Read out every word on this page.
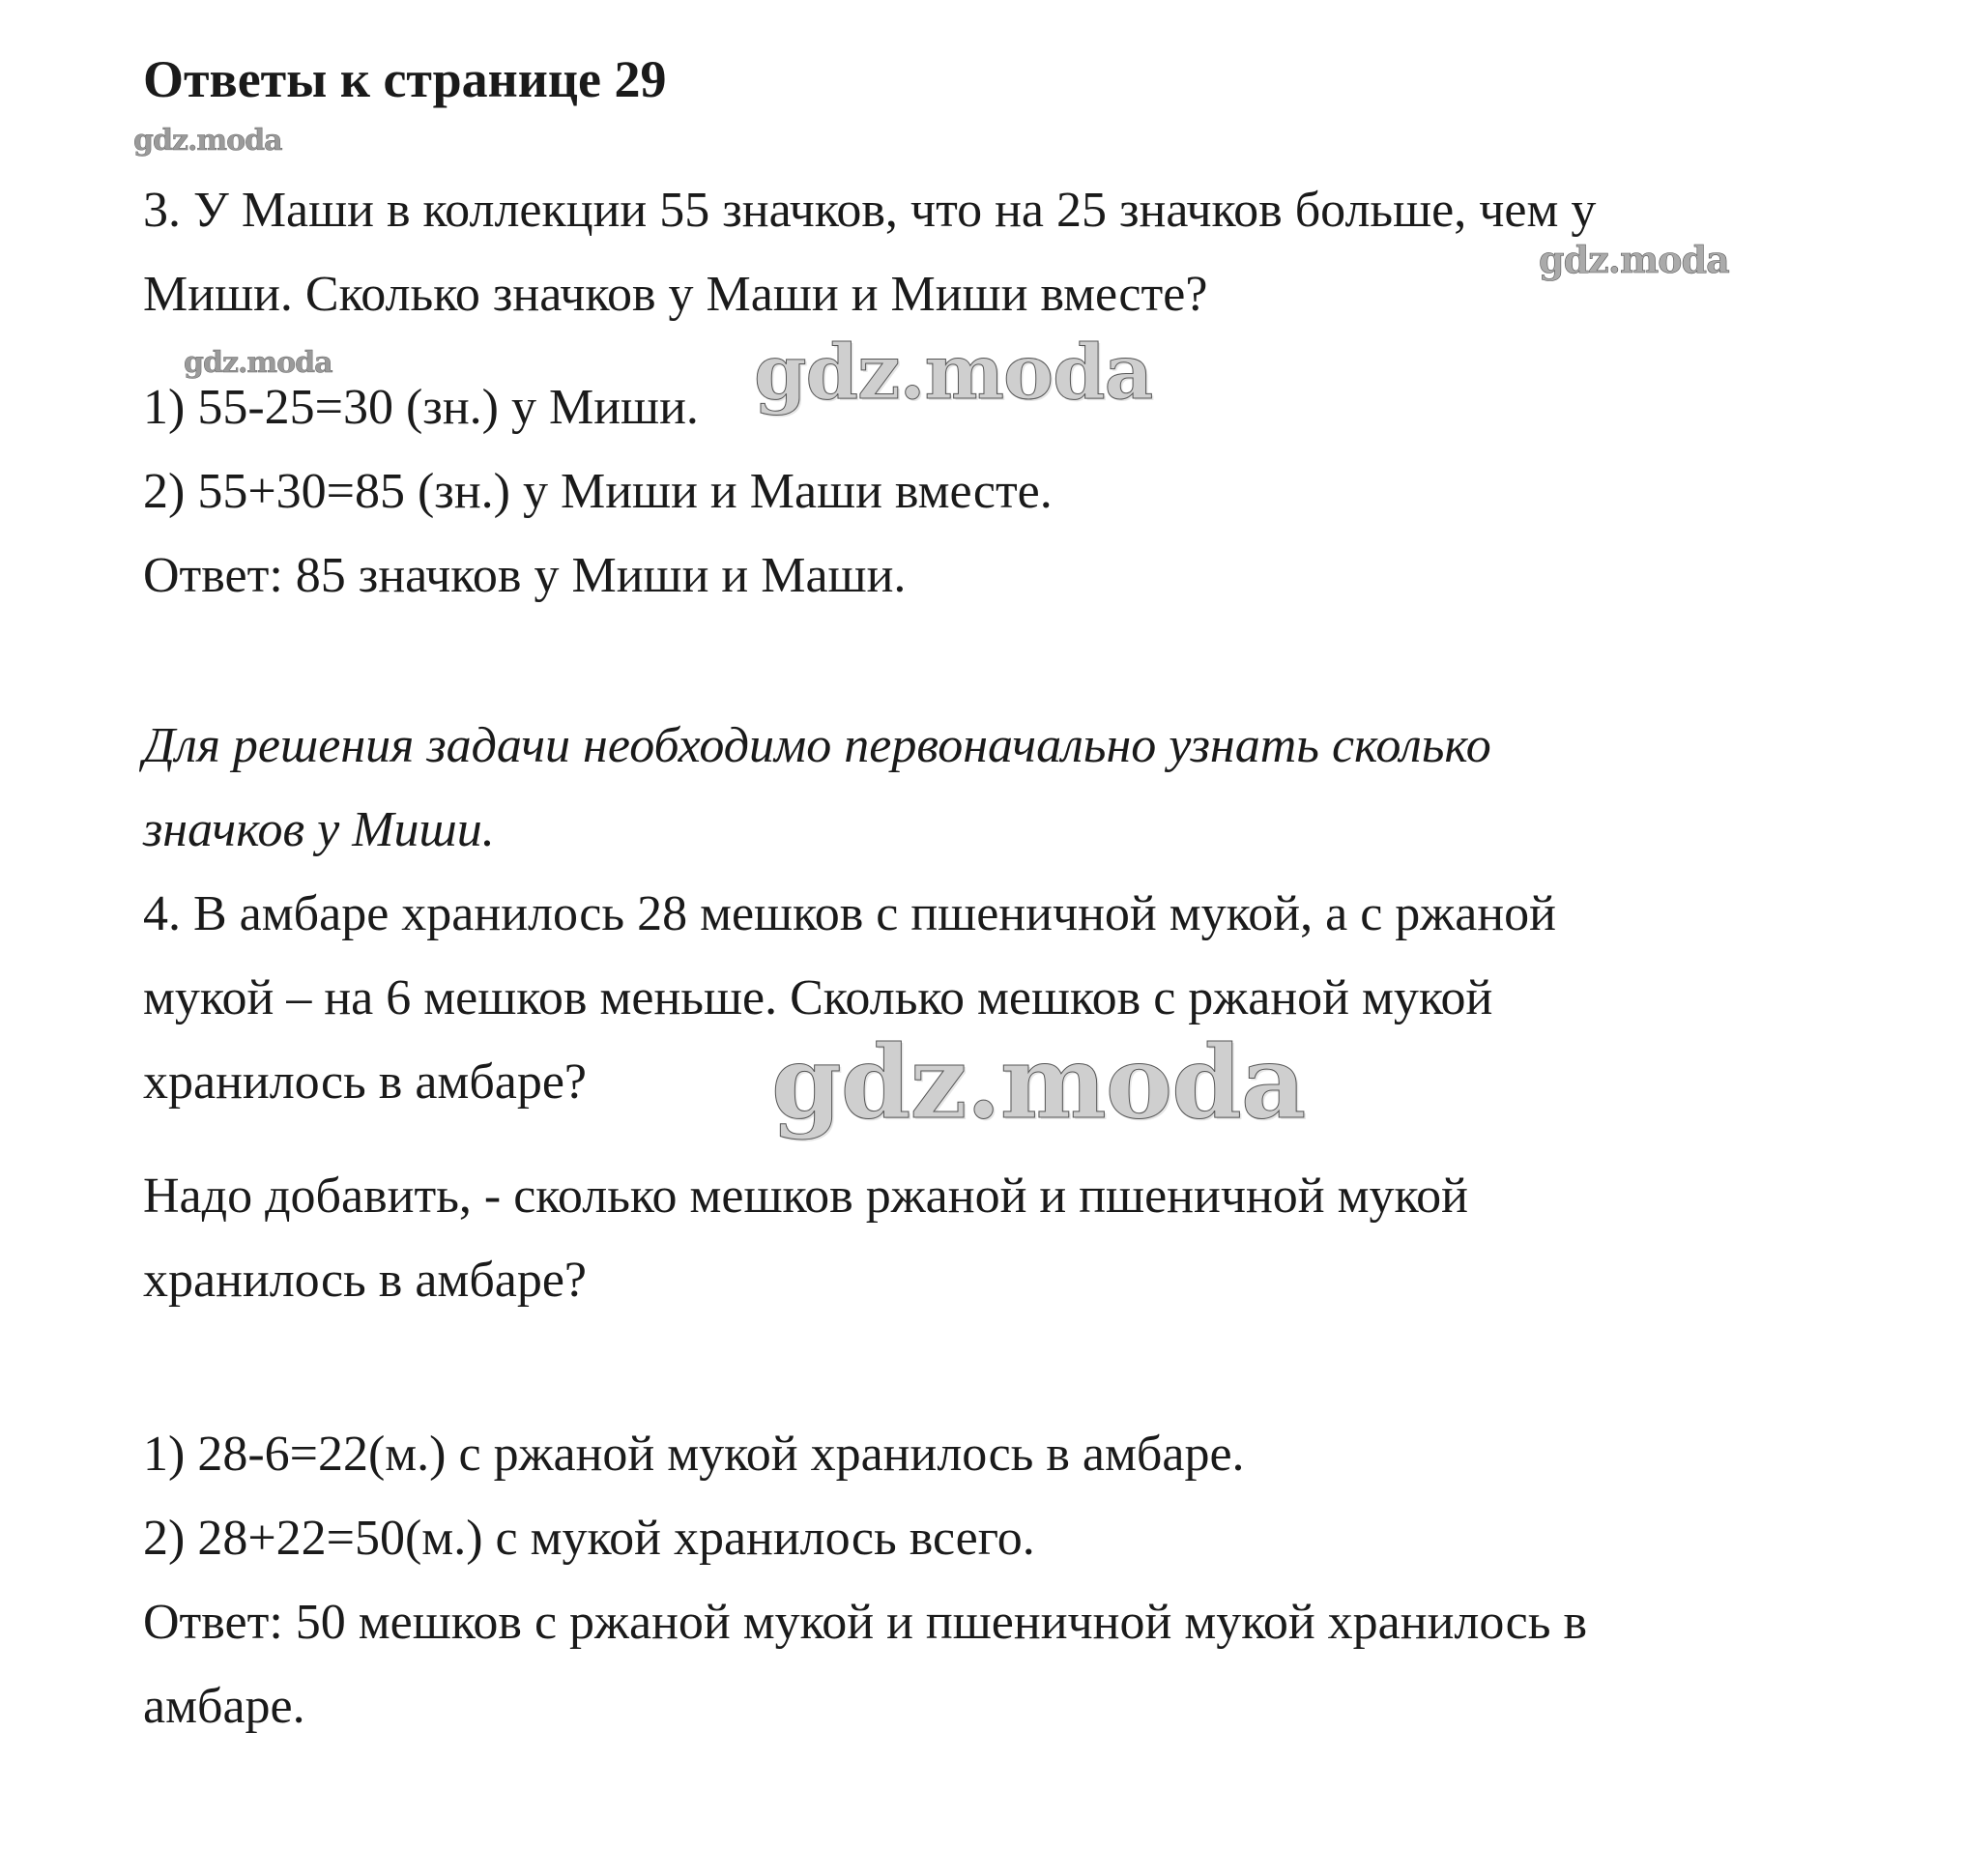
Ответы к странице 29
3. У Маши в коллекции 55 значков, что на 25 значков больше, чем у
Миши. Сколько значков у Маши и Миши вместе?
1) 55-25=30 (зн.) у Миши.
2) 55+30=85 (зн.) у Миши и Маши вместе.
Ответ: 85 значков у Миши и Маши.
Для решения задачи необходимо первоначально узнать сколько
значков у Миши.
4. В амбаре хранилось 28 мешков с пшеничной мукой, а с ржаной
мукой – на 6 мешков меньше. Сколько мешков с ржаной мукой
хранилось в амбаре?
Надо добавить, - сколько мешков ржаной и пшеничной мукой
хранилось в амбаре?
1) 28-6=22(м.) с ржаной мукой хранилось в амбаре.
2) 28+22=50(м.) с мукой хранилось всего.
Ответ: 50 мешков с ржаной мукой и пшеничной мукой хранилось в
амбаре.
gdz.moda
gdz.moda
gdz.moda	gdz.moda
gdz.moda
